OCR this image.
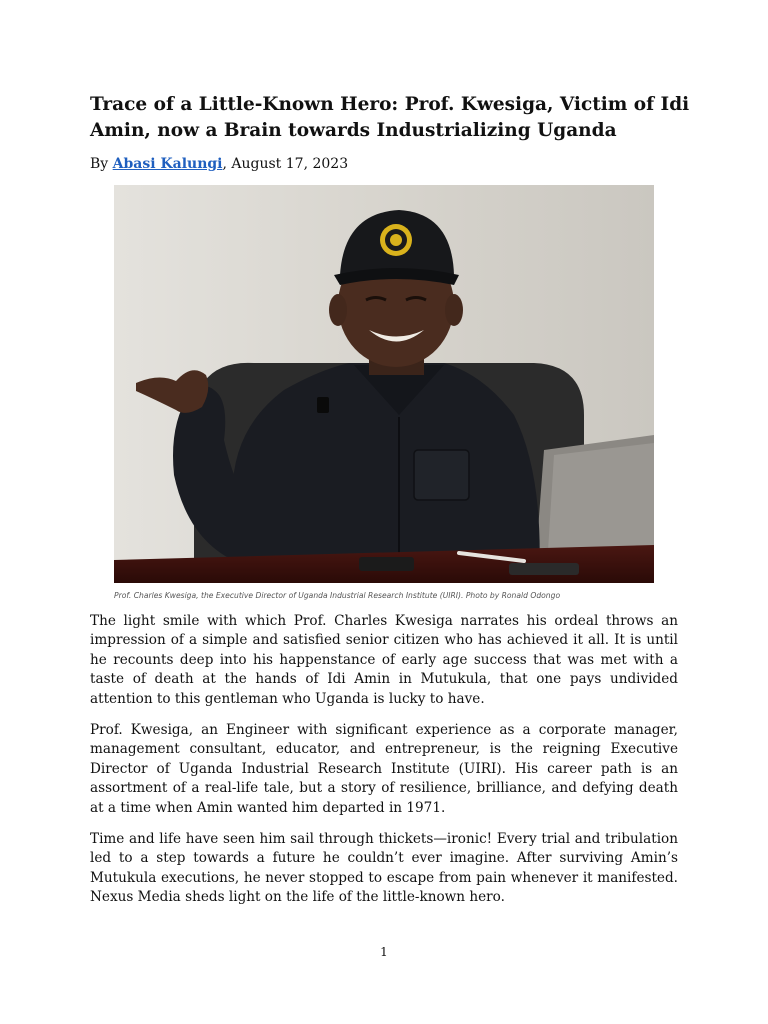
Trace of a Little-Known Hero: Prof. Kwesiga, Victim of Idi Amin, now a Brain towards Industrializing Uganda
By Abasi Kalungi, August 17, 2023
Prof. Charles Kwesiga, the Executive Director of Uganda Industrial Research Institute (UIRI). Photo by Ronald Odongo

The light smile with which Prof. Charles Kwesiga narrates his ordeal throws an impression of a simple and satisfied senior citizen who has achieved it all. It is until he recounts deep into his happenstance of early age success that was met with a taste of death at the hands of Idi Amin in Mutukula, that one pays undivided attention to this gentleman who Uganda is lucky to have.

Prof. Kwesiga, an Engineer with significant experience as a corporate manager, management consultant, educator, and entrepreneur, is the reigning Executive Director of Uganda Industrial Research Institute (UIRI). His career path is an assortment of a real-life tale, but a story of resilience, brilliance, and defying death at a time when Amin wanted him departed in 1971.

Time and life have seen him sail through thickets—ironic! Every trial and tribulation led to a step towards a future he couldn’t ever imagine. After surviving Amin’s Mutukula executions, he never stopped to escape from pain whenever it manifested. Nexus Media sheds light on the life of the little-known hero.

1
